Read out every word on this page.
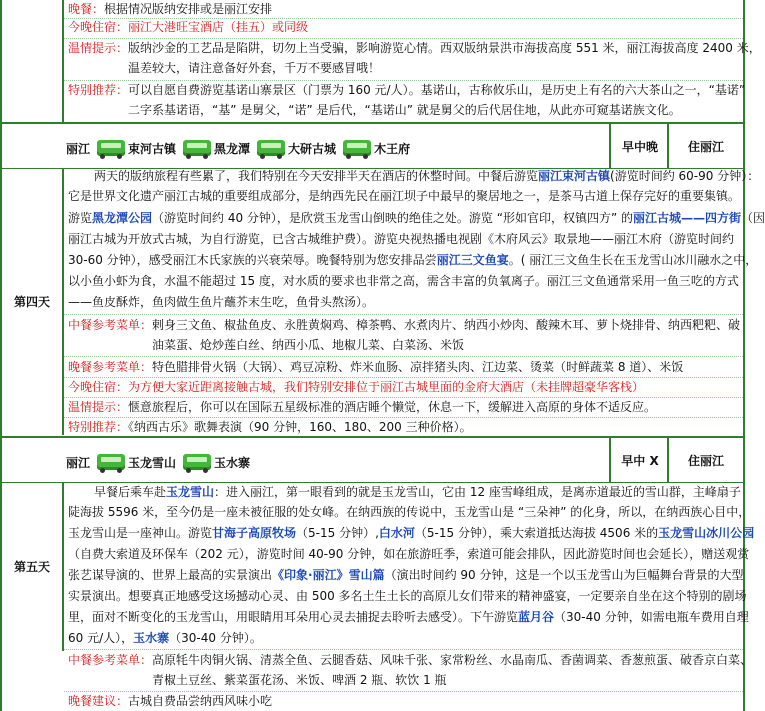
晚餐：根据情况版纳安排或是丽江安排
今晚住宿：丽江大港旺宝酒店（挂五）或同级
温情提示：版纳沙金的工艺品是陷阱，切勿上当受骗，影响游览心情。西双版纳景洪市海拔高度 551 米，丽江海拔高度 2400 米，
温差较大，请注意备好外套，千万不要感冒哦！
特别推荐：可以自愿自费游览基诺山寨景区（门票为 160 元/人）。基诺山，古称攸乐山，是历史上有名的六大茶山之一，“基诺”
二字系基诺语，“基” 是舅父，“诺” 是后代，“基诺山” 就是舅父的后代居住地，从此亦可窥基诺族文化。
丽江	束河古镇	黑龙潭	大研古城	木王府	早中晚	住丽江
第四天
两天的版纳旅程有些累了，我们特别在今天安排半天在酒店的休整时间。中餐后游览丽江束河古镇(游览时间约 60-90 分钟）：
它是世界文化遗产丽江古城的重要组成部分，是纳西先民在丽江坝子中最早的聚居地之一，是茶马古道上保存完好的重要集镇。
游览黑龙潭公园（游览时间约 40 分钟），是欣赏玉龙雪山倒映的绝佳之处。游览 “形如官印，权镇四方” 的丽江古城——四方街（因
丽江古城为开放式古城，为自行游览，已含古城维护费）。游览央视热播电视剧《木府风云》取景地——丽江木府（游览时间约
30-60 分钟），感受丽江木氏家族的兴衰荣辱。晚餐特别为您安排品尝丽江三文鱼宴。( 丽江三文鱼生长在玉龙雪山冰川融水之中，
以小鱼小虾为食，水温不能超过 15 度，对水质的要求也非常之高，需含丰富的负氧离子。丽江三文鱼通常采用一鱼三吃的方式
——鱼皮酥炸，鱼肉做生鱼片蘸芥末生吃，鱼骨头熬汤）。
中餐参考菜单：剌身三文鱼、椒盐鱼皮、永胜黄焖鸡、樟茶鸭、水煮肉片、纳西小炒肉、酸辣木耳、萝卜烧排骨、纳西粑粑、破
油菜蛋、炝炒莲白丝、纳西小瓜、地椒儿菜、白菜汤、米饭
晚餐参考菜单：特色腊排骨火锅（大锅）、鸡豆凉粉、炸米血肠、凉拌猪头肉、江边菜、烫菜（时鲜蔬菜 8 道）、米饭
今晚住宿：为方便大家近距离接触古城，我们特别安排位于丽江古城里面的金府大酒店（未挂牌超豪华客栈）
温情提示：惬意旅程后，你可以在国际五星级标准的酒店睡个懒觉，休息一下，缓解进入高原的身体不适反应。
特别推荐：《纳西古乐》歌舞表演（90 分钟，160、180、200 三种价格）。
丽江	玉龙雪山	玉水寨	早中 X	住丽江
第五天
早餐后乘车赴玉龙雪山：进入丽江，第一眼看到的就是玉龙雪山，它由 12 座雪峰组成，是离赤道最近的雪山群，主峰扇子
陡海拔 5596 米，至今仍是一座未被征服的处女峰。在纳西族的传说中，玉龙雪山是 “三朵神” 的化身，所以，在纳西族心目中，
玉龙雪山是一座神山。游览甘海子高原牧场（5-15 分钟）,白水河（5-15 分钟），乘大索道抵达海拔 4506 米的玉龙雪山冰川公园
（自费大索道及环保车（202 元），游览时间 40-90 分钟，如在旅游旺季，索道可能会排队，因此游览时间也会延长），赠送观赏
张艺谋导演的、世界上最高的实景演出《印象·丽江》雪山篇（演出时间约 90 分钟，这是一个以玉龙雪山为巨幅舞台背景的大型
实景演出。想要真正地感受这场撼动心灵、由 500 多名土生土长的高原儿女们带来的精神盛宴，一定要亲自坐在这个特别的剧场
里，面对不断变化的玉龙雪山，用眼睛用耳朵用心灵去捕捉去聆听去感受）。下午游览蓝月谷（30-40 分钟，如需电瓶车费用自理
60 元/人），玉水寨（30-40 分钟）。
中餐参考菜单：高原牦牛肉铜火锅、清蒸全鱼、云腿香菇、风味千张、家常粉丝、水晶南瓜、香菌调菜、香葱煎蛋、破香京白菜、
青椒土豆丝、紫菜蛋花汤、米饭、啤酒 2 瓶、软饮 1 瓶
晚餐建议：古城自费品尝纳西风味小吃
